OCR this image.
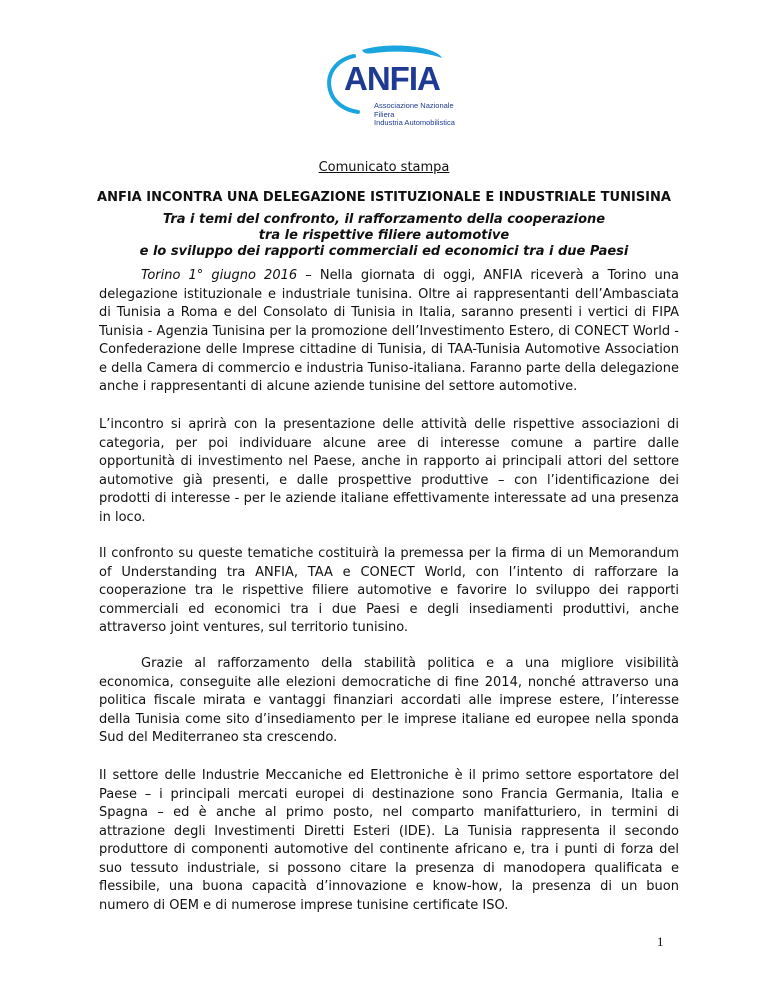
ANFIA
Associazione Nazionale
Filiera
Industria Automobilistica
Comunicato stampa
ANFIA INCONTRA UNA DELEGAZIONE ISTITUZIONALE E INDUSTRIALE TUNISINA
Tra i temi del confronto, il rafforzamento della cooperazione
tra le rispettive filiere automotive
e lo sviluppo dei rapporti commerciali ed economici tra i due Paesi

Torino 1° giugno 2016 – Nella giornata di oggi, ANFIA riceverà a Torino una delegazione istituzionale e industriale tunisina. Oltre ai rappresentanti dell’Ambasciata di Tunisia a Roma e del Consolato di Tunisia in Italia, saranno presenti i vertici di FIPA Tunisia - Agenzia Tunisina per la promozione dell’Investimento Estero, di CONECT World - Confederazione delle Imprese cittadine di Tunisia, di TAA-Tunisia Automotive Association e della Camera di commercio e industria Tuniso-italiana. Faranno parte della delegazione anche i rappresentanti di alcune aziende tunisine del settore automotive.

L’incontro si aprirà con la presentazione delle attività delle rispettive associazioni di categoria, per poi individuare alcune aree di interesse comune a partire dalle opportunità di investimento nel Paese, anche in rapporto ai principali attori del settore automotive già presenti, e dalle prospettive produttive – con l’identificazione dei prodotti di interesse - per le aziende italiane effettivamente interessate ad una presenza in loco.

Il confronto su queste tematiche costituirà la premessa per la firma di un Memorandum of Understanding tra ANFIA, TAA e CONECT World, con l’intento di rafforzare la cooperazione tra le rispettive filiere automotive e favorire lo sviluppo dei rapporti commerciali ed economici tra i due Paesi e degli insediamenti produttivi, anche attraverso joint ventures, sul territorio tunisino.

Grazie al rafforzamento della stabilità politica e a una migliore visibilità economica, conseguite alle elezioni democratiche di fine 2014, nonché attraverso una politica fiscale mirata e vantaggi finanziari accordati alle imprese estere, l’interesse della Tunisia come sito d’insediamento per le imprese italiane ed europee nella sponda Sud del Mediterraneo sta crescendo.

Il settore delle Industrie Meccaniche ed Elettroniche è il primo settore esportatore del Paese – i principali mercati europei di destinazione sono Francia Germania, Italia e Spagna – ed è anche al primo posto, nel comparto manifatturiero, in termini di attrazione degli Investimenti Diretti Esteri (IDE). La Tunisia rappresenta il secondo produttore di componenti automotive del continente africano e, tra i punti di forza del suo tessuto industriale, si possono citare la presenza di manodopera qualificata e flessibile, una buona capacità d’innovazione e know-how, la presenza di un buon numero di OEM e di numerose imprese tunisine certificate ISO.

1
